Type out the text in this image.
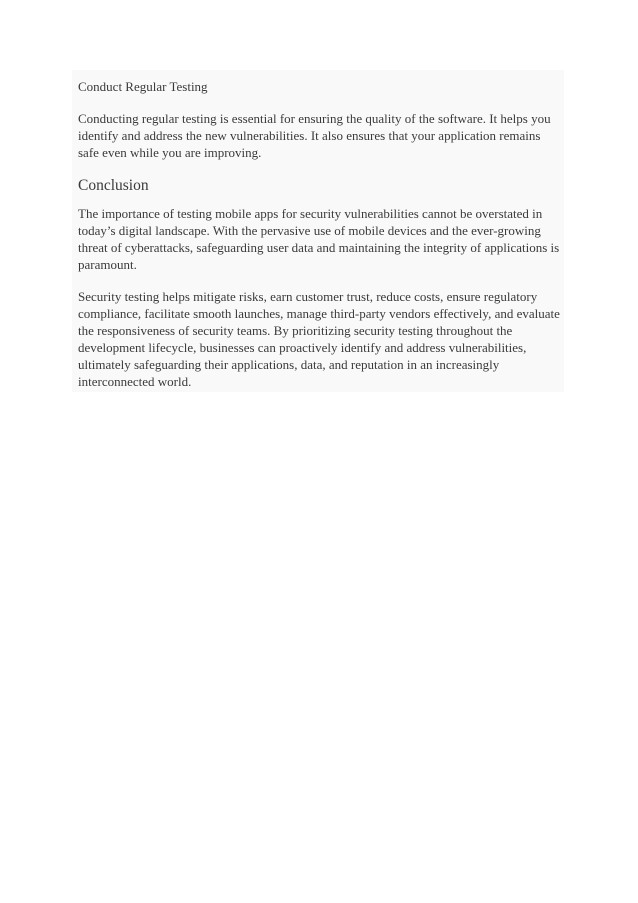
Conduct Regular Testing

Conducting regular testing is essential for ensuring the quality of the software. It helps you identify and address the new vulnerabilities. It also ensures that your application remains safe even while you are improving.

Conclusion

The importance of testing mobile apps for security vulnerabilities cannot be overstated in today’s digital landscape. With the pervasive use of mobile devices and the ever-growing threat of cyberattacks, safeguarding user data and maintaining the integrity of applications is paramount.

Security testing helps mitigate risks, earn customer trust, reduce costs, ensure regulatory compliance, facilitate smooth launches, manage third-party vendors effectively, and evaluate the responsiveness of security teams. By prioritizing security testing throughout the development lifecycle, businesses can proactively identify and address vulnerabilities, ultimately safeguarding their applications, data, and reputation in an increasingly interconnected world.
